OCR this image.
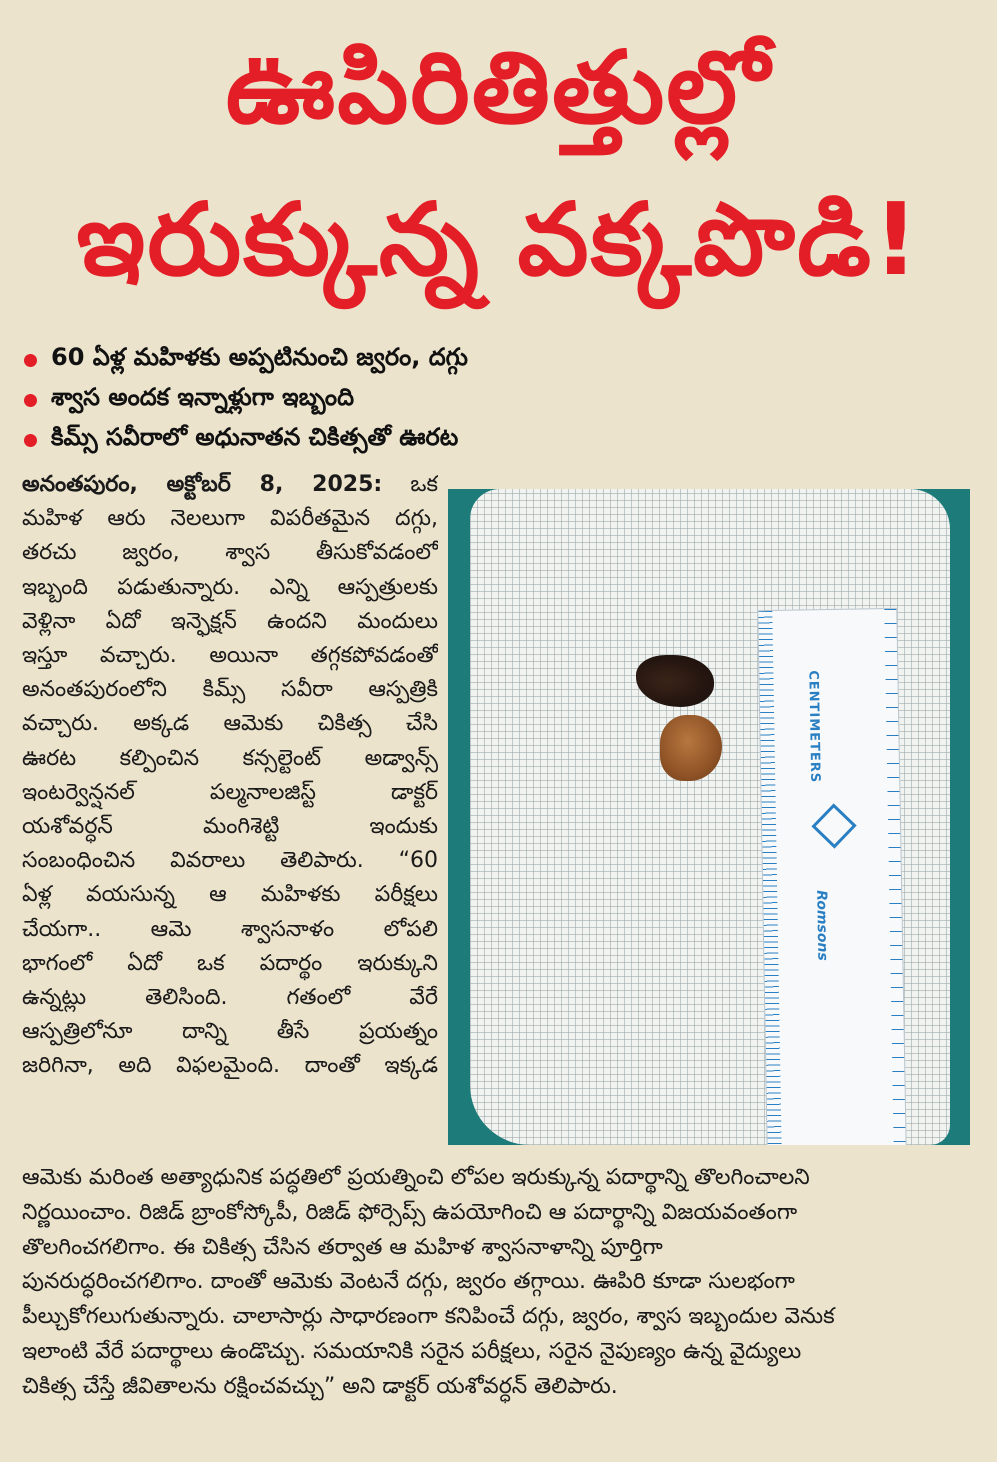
ఊపిరితిత్తుల్లో
ఇరుక్కున్న వక్కపొడి!
60 ఏళ్ల మహిళకు అప్పటినుంచి జ్వరం, దగ్గు
శ్వాస అందక ఇన్నాళ్లుగా ఇబ్బంది
కిమ్స్ సవీరాలో అధునాతన చికిత్సతో ఊరట
అనంతపురం, అక్టోబర్ 8, 2025: ఒక
మహిళ ఆరు నెలలుగా విపరీతమైన దగ్గు,
తరచు జ్వరం, శ్వాస తీసుకోవడంలో
ఇబ్బంది పడుతున్నారు. ఎన్ని ఆస్పత్రులకు
వెళ్లినా ఏదో ఇన్ఫెక్షన్ ఉందని మందులు
ఇస్తూ వచ్చారు. అయినా తగ్గకపోవడంతో
అనంతపురంలోని కిమ్స్ సవీరా ఆస్పత్రికి
వచ్చారు. అక్కడ ఆమెకు చికిత్స చేసి
ఊరట కల్పించిన కన్సల్టెంట్ అడ్వాన్స్
ఇంటర్వెన్షనల్ పల్మనాలజిస్ట్ డాక్టర్
యశోవర్ధన్ మంగిశెట్టి ఇందుకు
సంబంధించిన వివరాలు తెలిపారు. “60
ఏళ్ల వయసున్న ఆ మహిళకు పరీక్షలు
చేయగా.. ఆమె శ్వాసనాళం లోపలి
భాగంలో ఏదో ఒక పదార్థం ఇరుక్కుని
ఉన్నట్లు తెలిసింది. గతంలో వేరే
ఆస్పత్రిలోనూ దాన్ని తీసే ప్రయత్నం
జరిగినా, అది విఫలమైంది. దాంతో ఇక్కడ
CENTIMETERS
Romsons
ఆమెకు మరింత అత్యాధునిక పద్ధతిలో ప్రయత్నించి లోపల ఇరుక్కున్న పదార్థాన్ని తొలగించాలని
నిర్ణయించాం. రిజిడ్ బ్రాంకోస్కోపీ, రిజిడ్ ఫోర్సెప్స్ ఉపయోగించి ఆ పదార్థాన్ని విజయవంతంగా
తొలగించగలిగాం. ఈ చికిత్స చేసిన తర్వాత ఆ మహిళ శ్వాసనాళాన్ని పూర్తిగా
పునరుద్ధరించగలిగాం. దాంతో ఆమెకు వెంటనే దగ్గు, జ్వరం తగ్గాయి. ఊపిరి కూడా సులభంగా
పీల్చుకోగలుగుతున్నారు. చాలాసార్లు సాధారణంగా కనిపించే దగ్గు, జ్వరం, శ్వాస ఇబ్బందుల వెనుక
ఇలాంటి వేరే పదార్థాలు ఉండొచ్చు. సమయానికి సరైన పరీక్షలు, సరైన నైపుణ్యం ఉన్న వైద్యులు
చికిత్స చేస్తే జీవితాలను రక్షించవచ్చు” అని డాక్టర్ యశోవర్ధన్ తెలిపారు.
